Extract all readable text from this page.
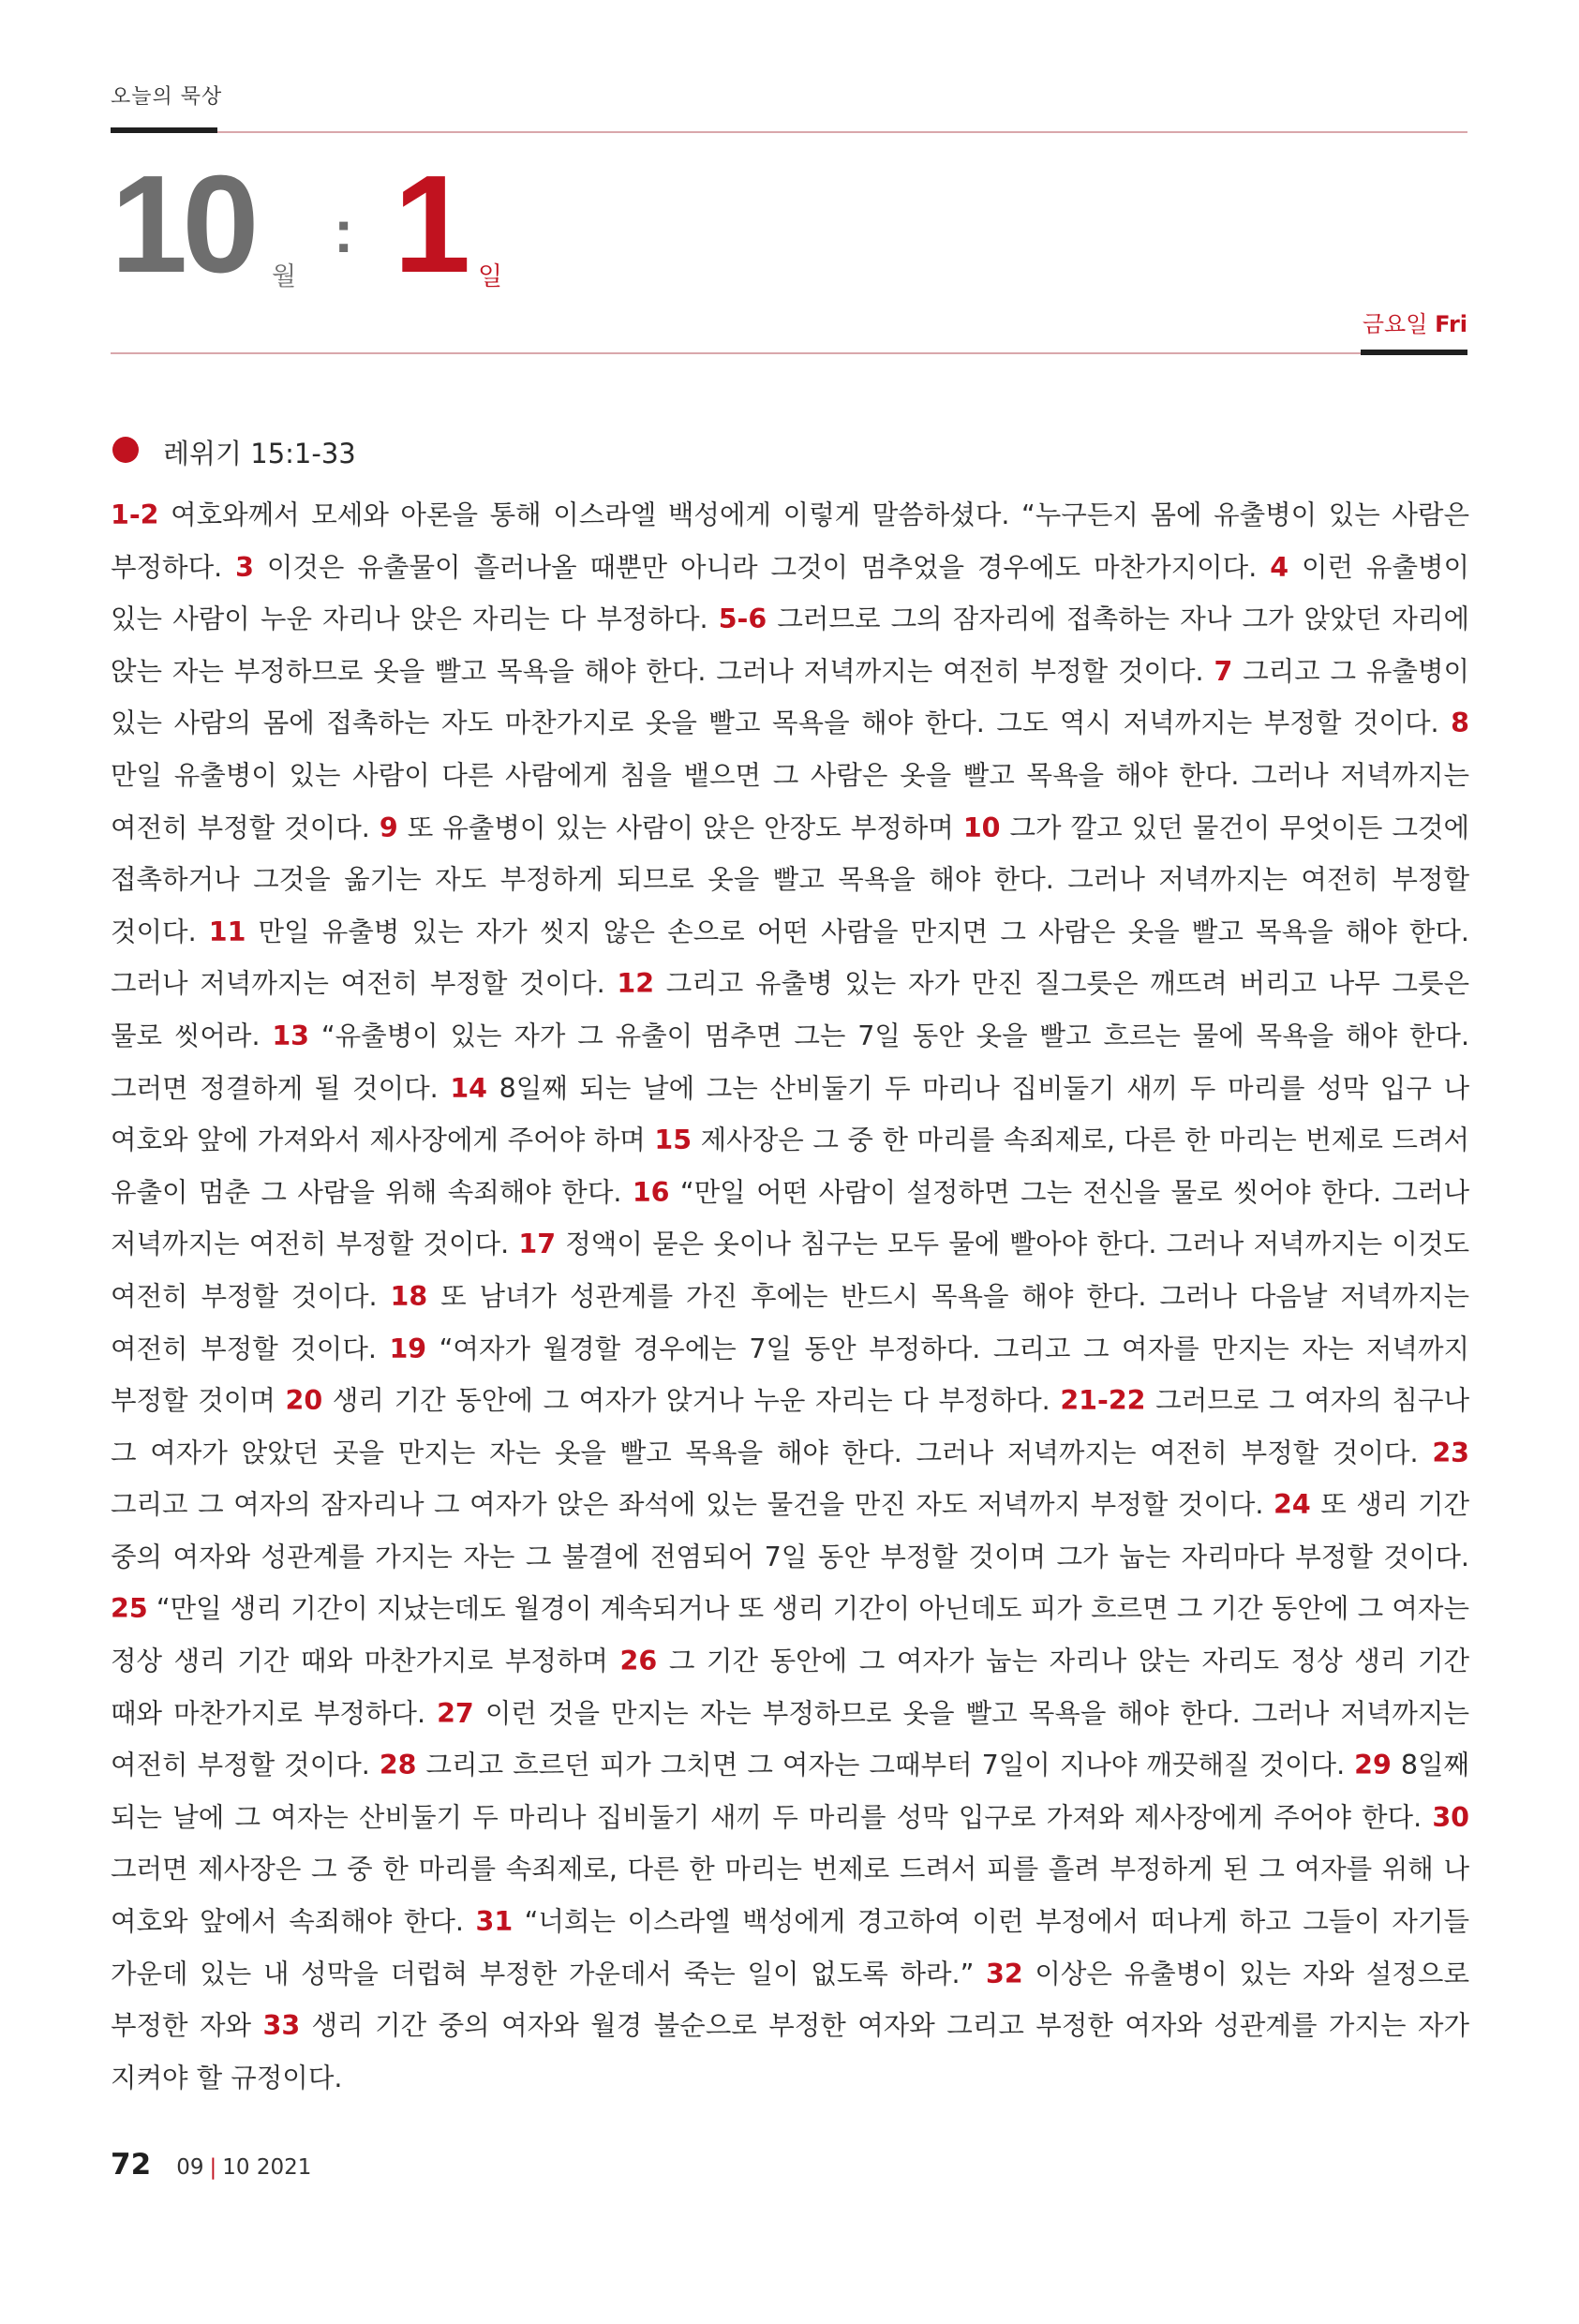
오늘의 묵상
10 월
: 1 일
금요일 Fri
레위기 15:1-33
1-2 여호와께서 모세와 아론을 통해 이스라엘 백성에게 이렇게 말씀하셨다. “누구든지 몸에 유출병이 있는 사람은 부정하다. 3 이것은 유출물이 흘러나올 때뿐만 아니라 그것이 멈추었을 경우에도 마찬가지이다. 4 이런 유출병이 있는 사람이 누운 자리나 앉은 자리는 다 부정하다. 5-6 그러므로 그의 잠자리에 접촉하는 자나 그가 앉았던 자리에 앉는 자는 부정하므로 옷을 빨고 목욕을 해야 한다. 그러나 저녁까지는 여전히 부정할 것이다. 7 그리고 그 유출병이 있는 사람의 몸에 접촉하는 자도 마찬가지로 옷을 빨고 목욕을 해야 한다. 그도 역시 저녁까지는 부정할 것이다. 8 만일 유출병이 있는 사람이 다른 사람에게 침을 뱉으면 그 사람은 옷을 빨고 목욕을 해야 한다. 그러나 저녁까지는 여전히 부정할 것이다. 9 또 유출병이 있는 사람이 앉은 안장도 부정하며 10 그가 깔고 있던 물건이 무엇이든 그것에 접촉하거나 그것을 옮기는 자도 부정하게 되므로 옷을 빨고 목욕을 해야 한다. 그러나 저녁까지는 여전히 부정할 것이다. 11 만일 유출병 있는 자가 씻지 않은 손으로 어떤 사람을 만지면 그 사람은 옷을 빨고 목욕을 해야 한다. 그러나 저녁까지는 여전히 부정할 것이다. 12 그리고 유출병 있는 자가 만진 질그릇은 깨뜨려 버리고 나무 그릇은 물로 씻어라. 13 “유출병이 있는 자가 그 유출이 멈추면 그는 7일 동안 옷을 빨고 흐르는 물에 목욕을 해야 한다. 그러면 정결하게 될 것이다. 14 8일째 되는 날에 그는 산비둘기 두 마리나 집비둘기 새끼 두 마리를 성막 입구 나 여호와 앞에 가져와서 제사장에게 주어야 하며 15 제사장은 그 중 한 마리를 속죄제로, 다른 한 마리는 번제로 드려서 유출이 멈춘 그 사람을 위해 속죄해야 한다. 16 “만일 어떤 사람이 설정하면 그는 전신을 물로 씻어야 한다. 그러나 저녁까지는 여전히 부정할 것이다. 17 정액이 묻은 옷이나 침구는 모두 물에 빨아야 한다. 그러나 저녁까지는 이것도 여전히 부정할 것이다. 18 또 남녀가 성관계를 가진 후에는 반드시 목욕을 해야 한다. 그러나 다음날 저녁까지는 여전히 부정할 것이다. 19 “여자가 월경할 경우에는 7일 동안 부정하다. 그리고 그 여자를 만지는 자는 저녁까지 부정할 것이며 20 생리 기간 동안에 그 여자가 앉거나 누운 자리는 다 부정하다. 21-22 그러므로 그 여자의 침구나 그 여자가 앉았던 곳을 만지는 자는 옷을 빨고 목욕을 해야 한다. 그러나 저녁까지는 여전히 부정할 것이다. 23 그리고 그 여자의 잠자리나 그 여자가 앉은 좌석에 있는 물건을 만진 자도 저녁까지 부정할 것이다. 24 또 생리 기간 중의 여자와 성관계를 가지는 자는 그 불결에 전염되어 7일 동안 부정할 것이며 그가 눕는 자리마다 부정할 것이다. 25 “만일 생리 기간이 지났는데도 월경이 계속되거나 또 생리 기간이 아닌데도 피가 흐르면 그 기간 동안에 그 여자는 정상 생리 기간 때와 마찬가지로 부정하며 26 그 기간 동안에 그 여자가 눕는 자리나 앉는 자리도 정상 생리 기간 때와 마찬가지로 부정하다. 27 이런 것을 만지는 자는 부정하므로 옷을 빨고 목욕을 해야 한다. 그러나 저녁까지는 여전히 부정할 것이다. 28 그리고 흐르던 피가 그치면 그 여자는 그때부터 7일이 지나야 깨끗해질 것이다. 29 8일째 되는 날에 그 여자는 산비둘기 두 마리나 집비둘기 새끼 두 마리를 성막 입구로 가져와 제사장에게 주어야 한다. 30 그러면 제사장은 그 중 한 마리를 속죄제로, 다른 한 마리는 번제로 드려서 피를 흘려 부정하게 된 그 여자를 위해 나 여호와 앞에서 속죄해야 한다. 31 “너희는 이스라엘 백성에게 경고하여 이런 부정에서 떠나게 하고 그들이 자기들 가운데 있는 내 성막을 더럽혀 부정한 가운데서 죽는 일이 없도록 하라.” 32 이상은 유출병이 있는 자와 설정으로 부정한 자와 33 생리 기간 중의 여자와 월경 불순으로 부정한 여자와 그리고 부정한 여자와 성관계를 가지는 자가 지켜야 할 규정이다.
72 09 | 10 2021
